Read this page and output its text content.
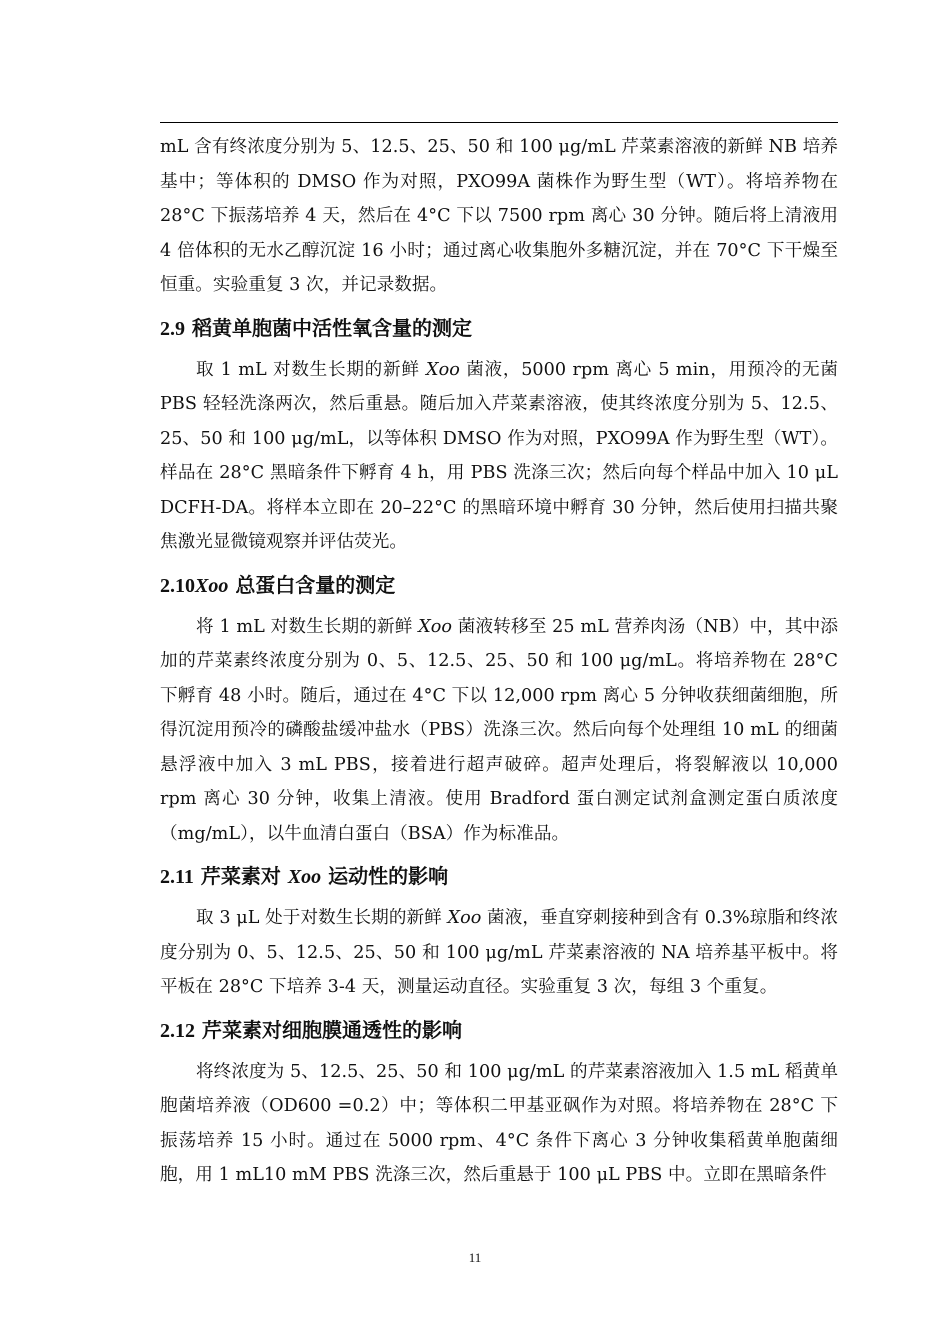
mL 含有终浓度分别为 5、12.5、25、50 和 100 μg/mL 芹菜素溶液的新鲜 NB 培养基中；等体积的 DMSO 作为对照，PXO99A 菌株作为野生型（WT）。将培养物在 28°C 下振荡培养 4 天，然后在 4°C 下以 7500 rpm 离心 30 分钟。随后将上清液用 4 倍体积的无水乙醇沉淀 16 小时；通过离心收集胞外多糖沉淀，并在 70°C 下干燥至恒重。实验重复 3 次，并记录数据。

2.9 稻黄单胞菌中活性氧含量的测定

取 1 mL 对数生长期的新鲜 Xoo 菌液，5000 rpm 离心 5 min，用预冷的无菌 PBS 轻轻洗涤两次，然后重悬。随后加入芹菜素溶液，使其终浓度分别为 5、12.5、25、50 和 100 μg/mL，以等体积 DMSO 作为对照，PXO99A 作为野生型（WT）。样品在 28°C 黑暗条件下孵育 4 h，用 PBS 洗涤三次；然后向每个样品中加入 10 μL DCFH-DA。将样本立即在 20–22°C 的黑暗环境中孵育 30 分钟，然后使用扫描共聚焦激光显微镜观察并评估荧光。

2.10Xoo 总蛋白含量的测定

将 1 mL 对数生长期的新鲜 Xoo 菌液转移至 25 mL 营养肉汤（NB）中，其中添加的芹菜素终浓度分别为 0、5、12.5、25、50 和 100 μg/mL。将培养物在 28°C 下孵育 48 小时。随后，通过在 4°C 下以 12,000 rpm 离心 5 分钟收获细菌细胞，所得沉淀用预冷的磷酸盐缓冲盐水（PBS）洗涤三次。然后向每个处理组 10 mL 的细菌悬浮液中加入 3 mL PBS，接着进行超声破碎。超声处理后，将裂解液以 10,000 rpm 离心 30 分钟，收集上清液。使用 Bradford 蛋白测定试剂盒测定蛋白质浓度（mg/mL），以牛血清白蛋白（BSA）作为标准品。

2.11 芹菜素对 Xoo 运动性的影响

取 3 μL 处于对数生长期的新鲜 Xoo 菌液，垂直穿刺接种到含有 0.3%琼脂和终浓度分别为 0、5、12.5、25、50 和 100 μg/mL 芹菜素溶液的 NA 培养基平板中。将平板在 28°C 下培养 3-4 天，测量运动直径。实验重复 3 次，每组 3 个重复。

2.12 芹菜素对细胞膜通透性的影响

将终浓度为 5、12.5、25、50 和 100 μg/mL 的芹菜素溶液加入 1.5 mL 稻黄单胞菌培养液（OD600 =0.2）中；等体积二甲基亚砜作为对照。将培养物在 28°C 下振荡培养 15 小时。通过在 5000 rpm、4°C 条件下离心 3 分钟收集稻黄单胞菌细胞，用 1 mL10 mM PBS 洗涤三次，然后重悬于 100 μL PBS 中。立即在黑暗条件

11
